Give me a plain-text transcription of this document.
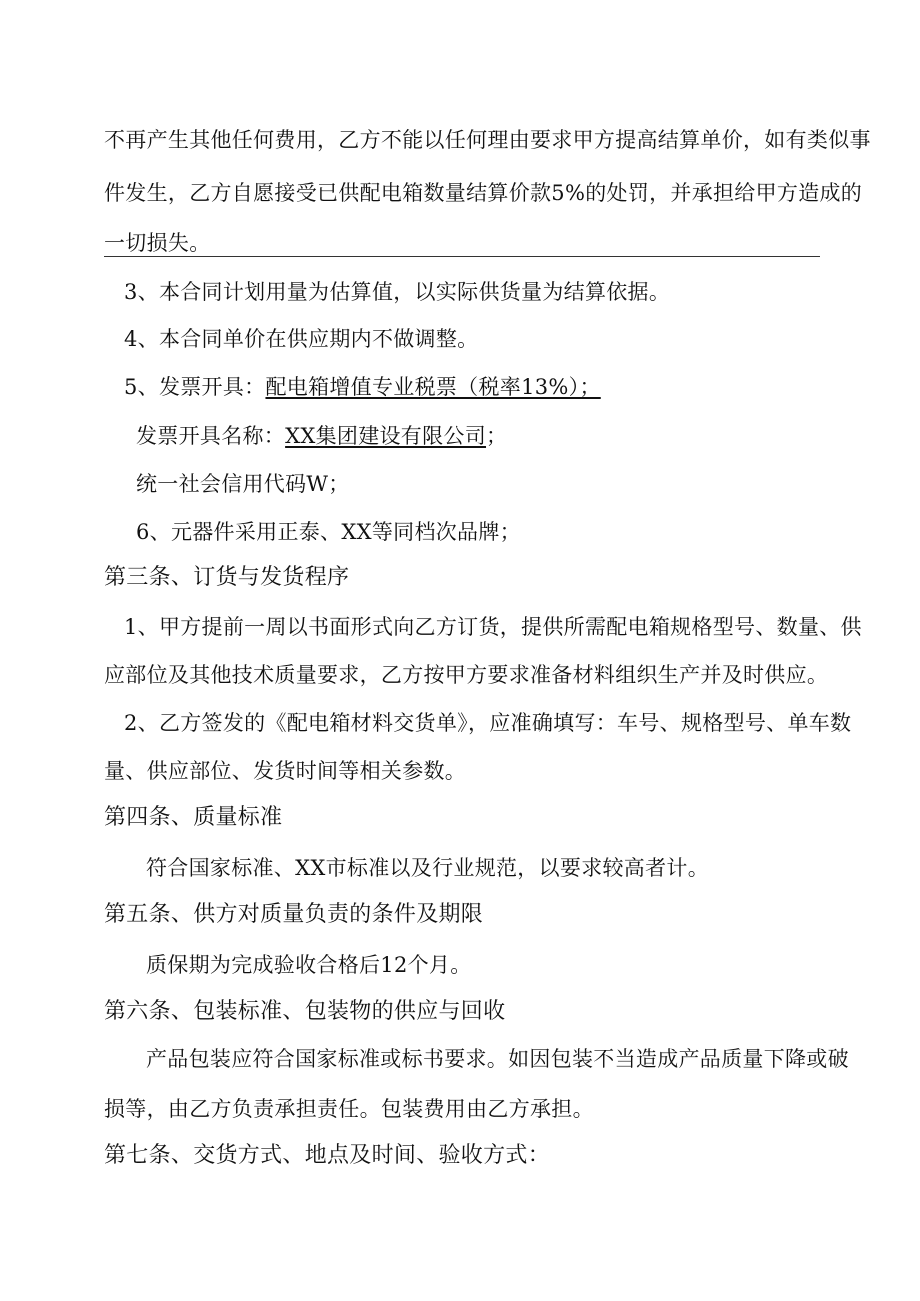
不再产生其他任何费用，乙方不能以任何理由要求甲方提高结算单价，如有类似事
件发生，乙方自愿接受已供配电箱数量结算价款5%的处罚，并承担给甲方造成的
一切损失。
3、本合同计划用量为估算值，以实际供货量为结算依据。
4、本合同单价在供应期内不做调整。
5、发票开具：配电箱增值专业税票（税率13%）；
发票开具名称：XX集团建设有限公司；
统一社会信用代码W；
6、元器件采用正泰、XX等同档次品牌；
第三条、订货与发货程序
1、甲方提前一周以书面形式向乙方订货，提供所需配电箱规格型号、数量、供
应部位及其他技术质量要求，乙方按甲方要求准备材料组织生产并及时供应。
2、乙方签发的《配电箱材料交货单》，应准确填写：车号、规格型号、单车数
量、供应部位、发货时间等相关参数。
第四条、质量标准
符合国家标准、XX市标准以及行业规范，以要求较高者计。
第五条、供方对质量负责的条件及期限
质保期为完成验收合格后12个月。
第六条、包装标准、包装物的供应与回收
产品包装应符合国家标准或标书要求。如因包装不当造成产品质量下降或破
损等，由乙方负责承担责任。包装费用由乙方承担。
第七条、交货方式、地点及时间、验收方式：
